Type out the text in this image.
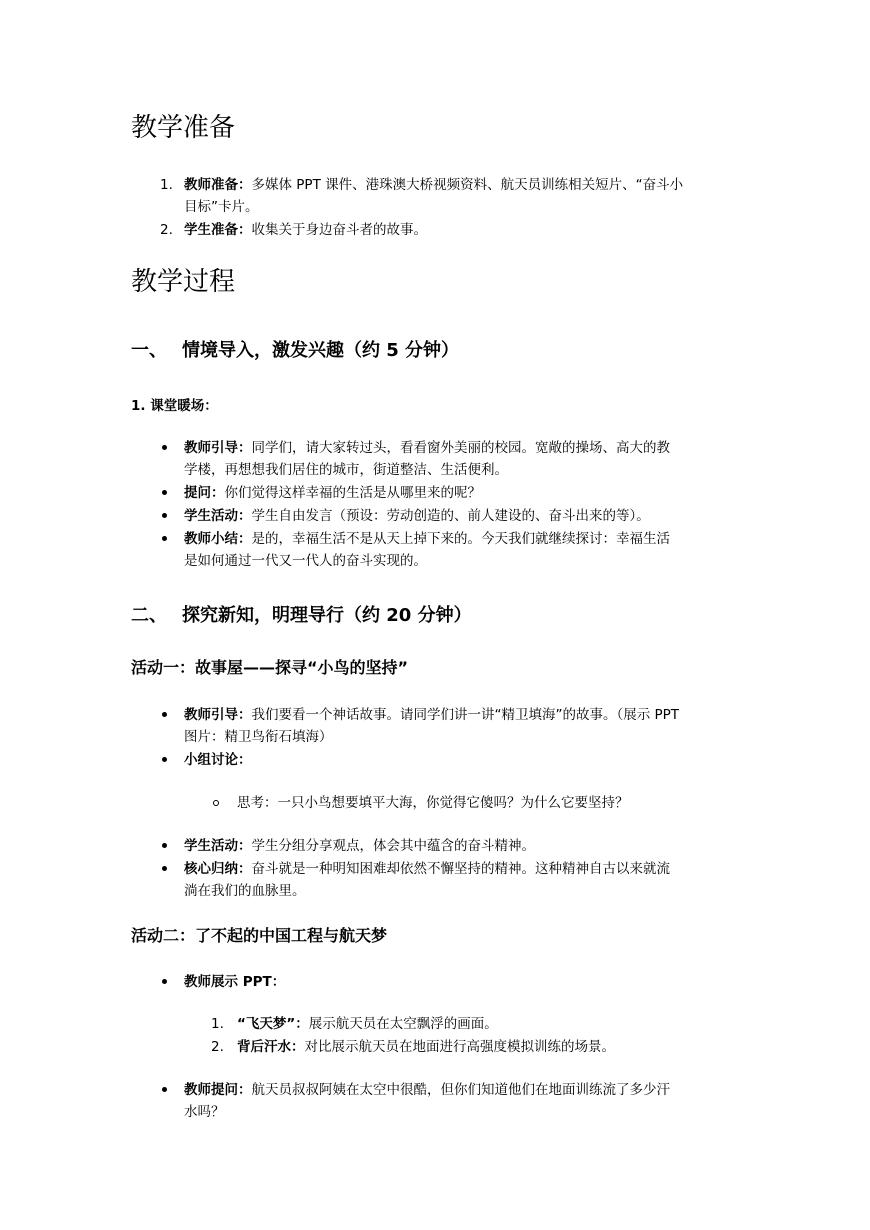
教学准备
1. 教师准备：多媒体 PPT 课件、港珠澳大桥视频资料、航天员训练相关短片、“奋斗小
目标”卡片。
2. 学生准备：收集关于身边奋斗者的故事。
教学过程
一、 情境导入，激发兴趣（约 5 分钟）
1. 课堂暖场：
教师引导：同学们，请大家转过头，看看窗外美丽的校园。宽敞的操场、高大的教
学楼，再想想我们居住的城市，街道整洁、生活便利。
提问：你们觉得这样幸福的生活是从哪里来的呢？
学生活动：学生自由发言（预设：劳动创造的、前人建设的、奋斗出来的等）。
教师小结：是的，幸福生活不是从天上掉下来的。今天我们就继续探讨：幸福生活
是如何通过一代又一代人的奋斗实现的。
二、 探究新知，明理导行（约 20 分钟）
活动一：故事屋——探寻“小鸟的坚持”
教师引导：我们要看一个神话故事。请同学们讲一讲“精卫填海”的故事。（展示 PPT
图片：精卫鸟衔石填海）
小组讨论：
思考：一只小鸟想要填平大海，你觉得它傻吗？为什么它要坚持？
学生活动：学生分组分享观点，体会其中蕴含的奋斗精神。
核心归纳：奋斗就是一种明知困难却依然不懈坚持的精神。这种精神自古以来就流
淌在我们的血脉里。
活动二：了不起的中国工程与航天梦
教师展示 PPT：
1. “飞天梦”：展示航天员在太空飘浮的画面。
2. 背后汗水：对比展示航天员在地面进行高强度模拟训练的场景。
教师提问：航天员叔叔阿姨在太空中很酷，但你们知道他们在地面训练流了多少汗
水吗？
